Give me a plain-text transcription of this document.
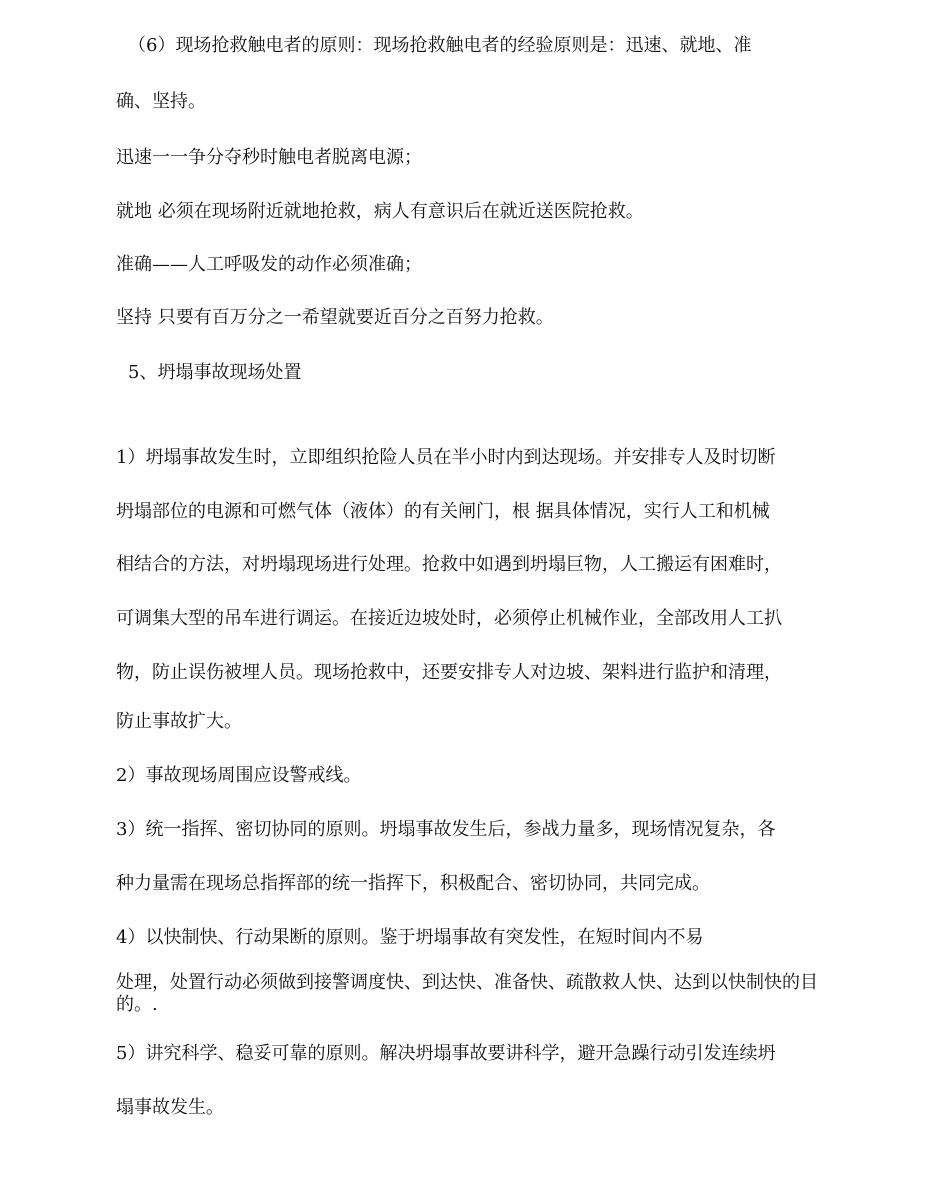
（6）现场抢救触电者的原则：现场抢救触电者的经验原则是：迅速、就地、准
确、坚持。
迅速一一争分夺秒时触电者脱离电源；
就地 必须在现场附近就地抢救，病人有意识后在就近送医院抢救。
准确——人工呼吸发的动作必须准确；
坚持 只要有百万分之一希望就要近百分之百努力抢救。
5、坍塌事故现场处置
1）坍塌事故发生时，立即组织抢险人员在半小时内到达现场。并安排专人及时切断
坍塌部位的电源和可燃气体（液体）的有关闸门，根 据具体情况，实行人工和机械
相结合的方法，对坍塌现场进行处理。抢救中如遇到坍塌巨物，人工搬运有困难时，
可调集大型的吊车进行调运。在接近边坡处时，必须停止机械作业，全部改用人工扒
物，防止误伤被埋人员。现场抢救中，还要安排专人对边坡、架料进行监护和清理，
防止事故扩大。
2）事故现场周围应设警戒线。
3）统一指挥、密切协同的原则。坍塌事故发生后，参战力量多，现场情况复杂，各
种力量需在现场总指挥部的统一指挥下，积极配合、密切协同，共同完成。
4）以快制快、行动果断的原则。鉴于坍塌事故有突发性，在短时间内不易
处理，处置行动必须做到接警调度快、到达快、准备快、疏散救人快、达到以快制快的目的。.
5）讲究科学、稳妥可靠的原则。解决坍塌事故要讲科学，避开急躁行动引发连续坍
塌事故发生。
